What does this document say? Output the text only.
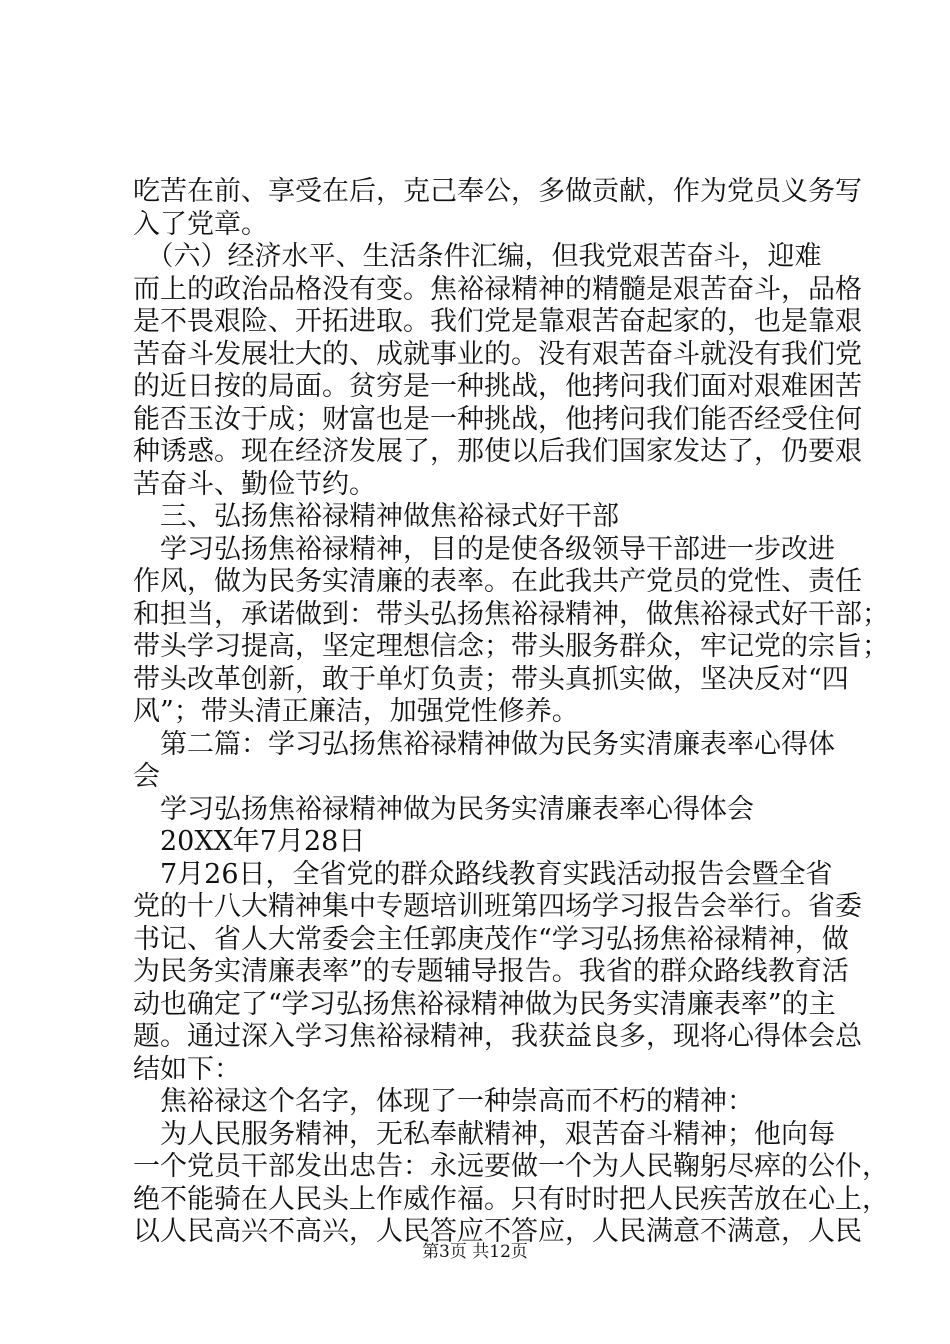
吃苦在前、享受在后，克己奉公，多做贡献，作为党员义务写
入了党章。
　（六）经济水平、生活条件汇编，但我党艰苦奋斗，迎难
而上的政治品格没有变。焦裕禄精神的精髓是艰苦奋斗，品格
是不畏艰险、开拓进取。我们党是靠艰苦奋起家的，也是靠艰
苦奋斗发展壮大的、成就事业的。没有艰苦奋斗就没有我们党
的近日按的局面。贫穷是一种挑战，他拷问我们面对艰难困苦
能否玉汝于成；财富也是一种挑战，他拷问我们能否经受住何
种诱惑。现在经济发展了，那使以后我们国家发达了，仍要艰
苦奋斗、勤俭节约。
　三、弘扬焦裕禄精神做焦裕禄式好干部
　学习弘扬焦裕禄精神，目的是使各级领导干部进一步改进
作风，做为民务实清廉的表率。在此我共产党员的党性、责任
和担当，承诺做到：带头弘扬焦裕禄精神，做焦裕禄式好干部；
带头学习提高，坚定理想信念；带头服务群众，牢记党的宗旨；
带头改革创新，敢于单灯负责；带头真抓实做，坚决反对“四
风”；带头清正廉洁，加强党性修养。
　第二篇：学习弘扬焦裕禄精神做为民务实清廉表率心得体
会
　学习弘扬焦裕禄精神做为民务实清廉表率心得体会
　20XX年7月28日
　7月26日，全省党的群众路线教育实践活动报告会暨全省
党的十八大精神集中专题培训班第四场学习报告会举行。省委
书记、省人大常委会主任郭庚茂作“学习弘扬焦裕禄精神，做
为民务实清廉表率”的专题辅导报告。我省的群众路线教育活
动也确定了“学习弘扬焦裕禄精神做为民务实清廉表率”的主
题。通过深入学习焦裕禄精神，我获益良多，现将心得体会总
结如下：
　焦裕禄这个名字，体现了一种崇高而不朽的精神：
　为人民服务精神，无私奉献精神，艰苦奋斗精神；他向每
一个党员干部发出忠告：永远要做一个为人民鞠躬尽瘁的公仆，
绝不能骑在人民头上作威作福。只有时时把人民疾苦放在心上，
以人民高兴不高兴，人民答应不答应，人民满意不满意，人民
第3页 共12页
